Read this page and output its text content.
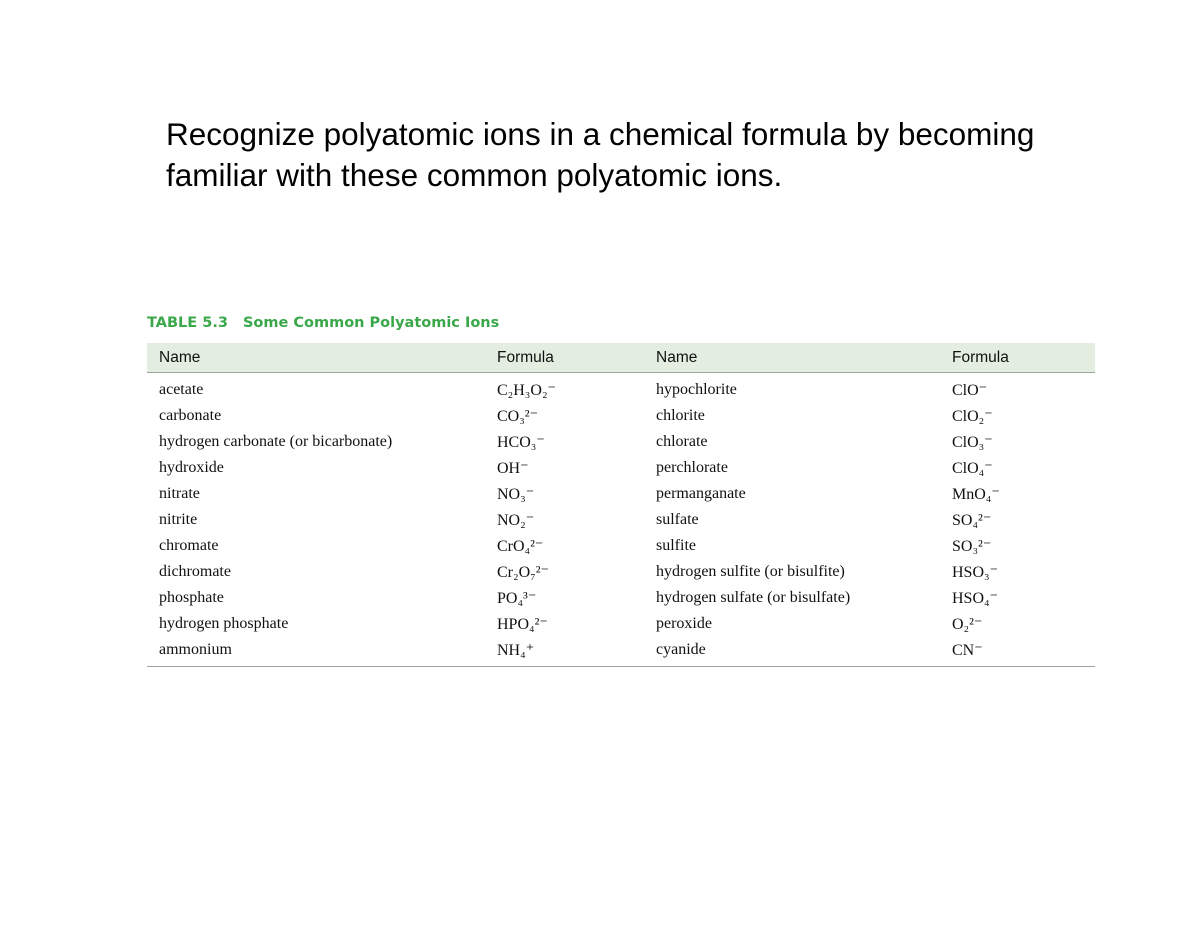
Recognize polyatomic ions in a chemical formula by becoming familiar with these common polyatomic ions.
TABLE 5.3 Some Common Polyatomic Ions
Name	Formula	Name	Formula
acetate	C₂H₃O₂⁻	hypochlorite	ClO⁻
carbonate	CO₃²⁻	chlorite	ClO₂⁻
hydrogen carbonate (or bicarbonate)	HCO₃⁻	chlorate	ClO₃⁻
hydroxide	OH⁻	perchlorate	ClO₄⁻
nitrate	NO₃⁻	permanganate	MnO₄⁻
nitrite	NO₂⁻	sulfate	SO₄²⁻
chromate	CrO₄²⁻	sulfite	SO₃²⁻
dichromate	Cr₂O₇²⁻	hydrogen sulfite (or bisulfite)	HSO₃⁻
phosphate	PO₄³⁻	hydrogen sulfate (or bisulfate)	HSO₄⁻
hydrogen phosphate	HPO₄²⁻	peroxide	O₂²⁻
ammonium	NH₄⁺	cyanide	CN⁻
